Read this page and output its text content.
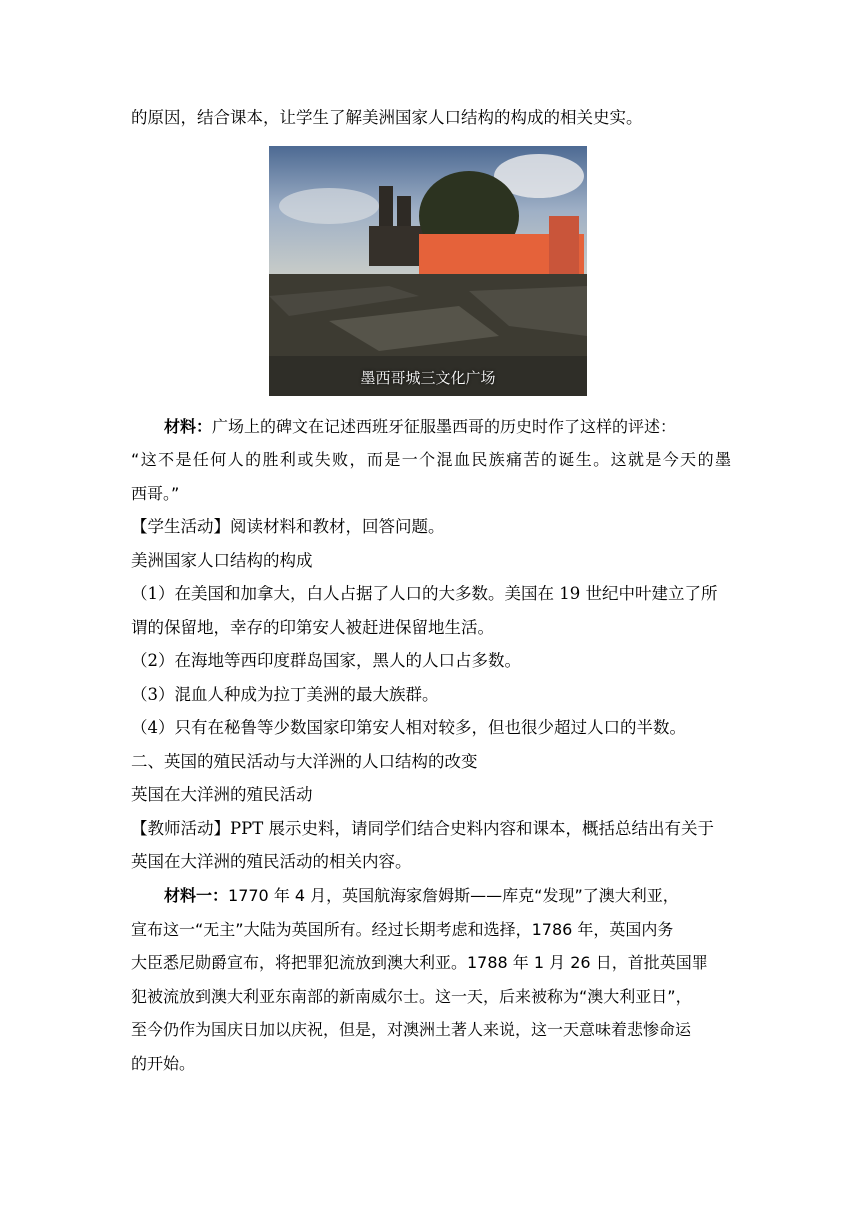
的原因，结合课本，让学生了解美洲国家人口结构的构成的相关史实。
墨西哥城三文化广场
材料：广场上的碑文在记述西班牙征服墨西哥的历史时作了这样的评述：
“这不是任何人的胜利或失败，而是一个混血民族痛苦的诞生。这就是今天的墨
西哥。”
【学生活动】阅读材料和教材，回答问题。
美洲国家人口结构的构成
（1）在美国和加拿大，白人占据了人口的大多数。美国在 19 世纪中叶建立了所
谓的保留地，幸存的印第安人被赶进保留地生活。
（2）在海地等西印度群岛国家，黑人的人口占多数。
（3）混血人种成为拉丁美洲的最大族群。
（4）只有在秘鲁等少数国家印第安人相对较多，但也很少超过人口的半数。
二、英国的殖民活动与大洋洲的人口结构的改变
英国在大洋洲的殖民活动
【教师活动】PPT 展示史料，请同学们结合史料内容和课本，概括总结出有关于
英国在大洋洲的殖民活动的相关内容。
材料一：1770 年 4 月，英国航海家詹姆斯——库克“发现”了澳大利亚，
宣布这一“无主”大陆为英国所有。经过长期考虑和选择，1786 年，英国内务
大臣悉尼勋爵宣布，将把罪犯流放到澳大利亚。1788 年 1 月 26 日，首批英国罪
犯被流放到澳大利亚东南部的新南威尔士。这一天，后来被称为“澳大利亚日”，
至今仍作为国庆日加以庆祝，但是，对澳洲土著人来说，这一天意味着悲惨命运
的开始。
